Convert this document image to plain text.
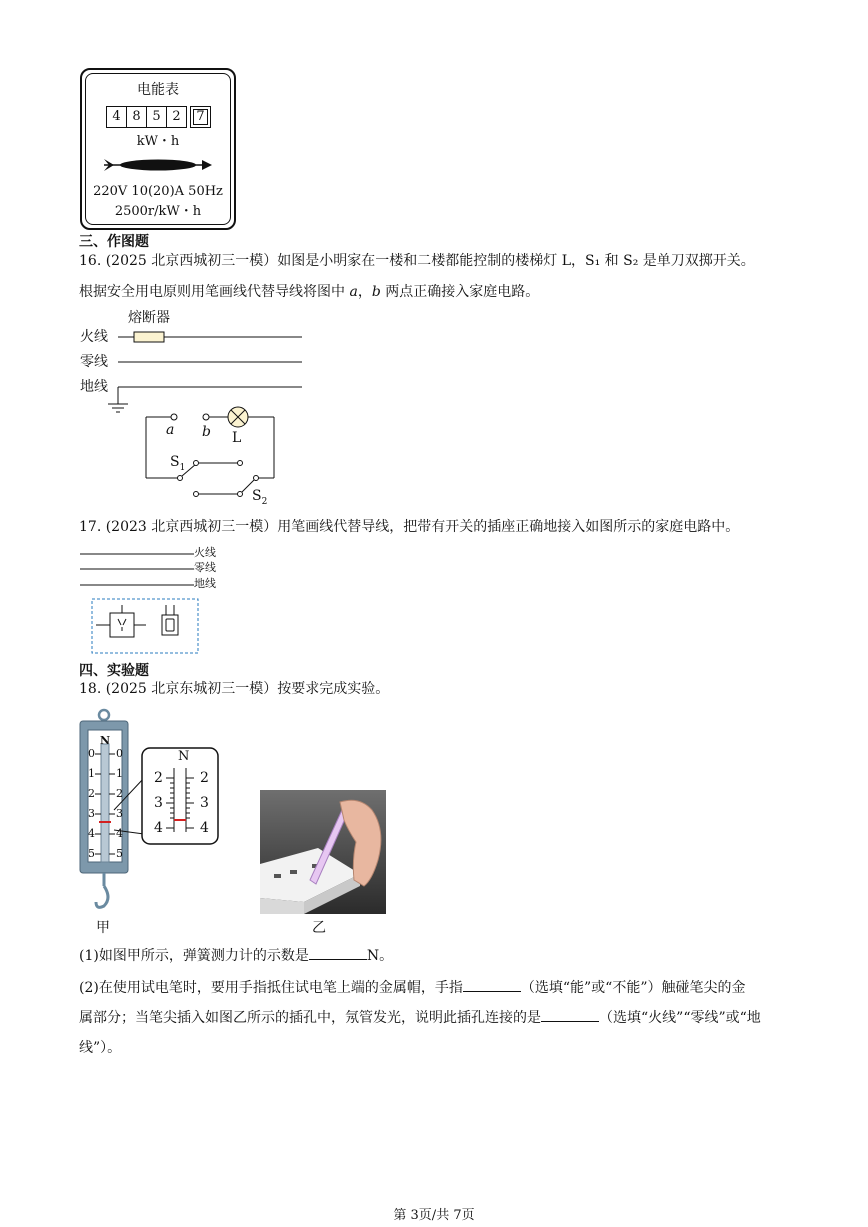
电能表
4 8 5 2	7
kW・h
220V 10(20)A 50Hz
2500r/kW・h
三、作图题
16. (2025 北京西城初三一模）如图是小明家在一楼和二楼都能控制的楼梯灯 L，S₁ 和 S₂ 是单刀双掷开关。
根据安全用电原则用笔画线代替导线将图中 a，b 两点正确接入家庭电路。
熔断器
火线
零线
地线
a b L
$S_1$
$S_2$
17. (2023 北京西城初三一模）用笔画线代替导线，把带有开关的插座正确地接入如图所示的家庭电路中。
火线
零线
地线
四、实验题
18. (2025 北京东城初三一模）按要求完成实验。
N
N
0
1
2
3
4
5
0
1
2
3
4
5
2
3
4
2
3
4
甲	乙
(1)如图甲所示，弹簧测力计的示数是	N。
(2)在使用试电笔时，要用手指抵住试电笔上端的金属帽，手指	（选填“能”或“不能”）触碰笔尖的金
属部分；当笔尖插入如图乙所示的插孔中，氖管发光，说明此插孔连接的是	（选填“火线”“零线”或“地
线”）。
第 3页/共 7页
